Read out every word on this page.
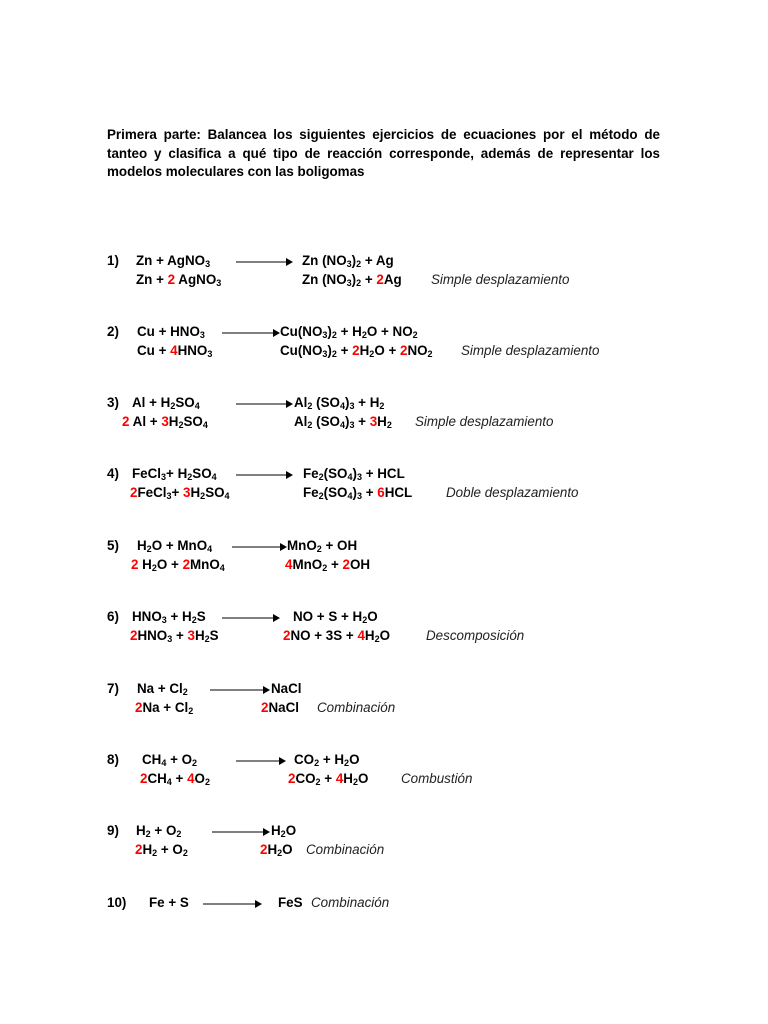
Primera parte: Balancea los siguientes ejercicios de ecuaciones por el método de tanteo y clasifica a qué tipo de reacción corresponde, además de representar los modelos moleculares con las boligomas

1) Zn + AgNO$_3$	Zn $(NO_3)_2 + Ag$
Zn + 2 AgNO$_3$	Zn $(NO_3)_2 + 2Ag$ Simple desplazamiento
2) $Cu + HNO_3$	$Cu(NO_3)_2 + H_2O + NO_2$
$Cu + 4HNO_3$	$Cu(NO_3)_2 + 2H_2O + 2NO_2$ Simple desplazamiento
3) $Al + H_2SO_4$	$Al_2$ $(SO_4)_3 + H_2$
2 $Al + 3H_2SO_4$	$Al_2$ $(SO_4)_3 + 3H_2$ Simple desplazamiento
4) FeCl$_3$+ $H_2SO_4$	$Fe_2(SO_4)_3$ + HCL
2FeCl$_3$+ $3H_2SO_4$	$Fe_2(SO_4)_3 + 6HCL$	Doble desplazamiento
5) $H_2O + MnO_4$	MnO$_2$ + OH
2 $H_2O + 2MnO_4$	4MnO$_2$ + 2OH
6) $HNO_3 + H_2S$	NO + $S + H_2O$
$2HNO_3 + 3H_2S$	$2NO + 3S + 4H_2O$	Descomposición
7) $Na + Cl_2$	NaCl
$2Na + Cl_2$	2NaCl Combinación
8) $CH_4 + O_2$	→ $CO_2 + H_2O$
$2CH_4 + 4O_2$	$2CO_2 + 4H_2O$ Combustión
9) $H_2 + O_2$	$H_2O$
$2H_2 + O_2$	$2H_2O$ Combinación
10) Fe + S	FeS Combinación
